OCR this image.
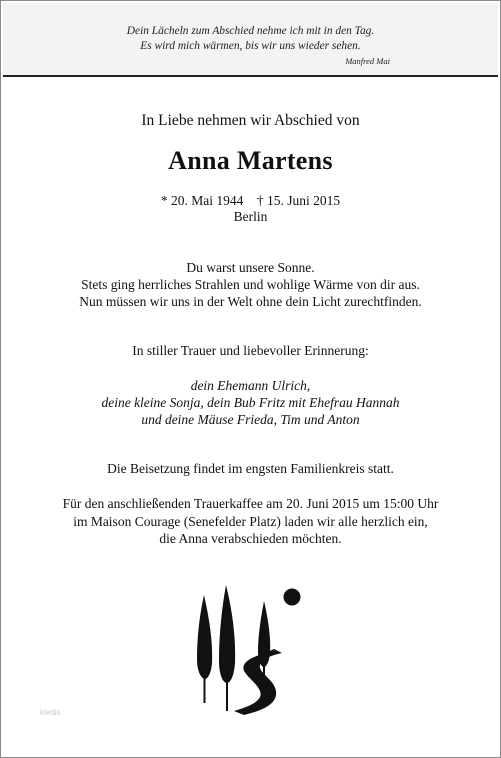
Dein Lächeln zum Abschied nehme ich mit in den Tag.
Es wird mich wärmen, bis wir uns wieder sehen.
Manfred Mai
In Liebe nehmen wir Abschied von
Anna Martens
* 20. Mai 1944    † 15. Juni 2015
Berlin
Du warst unsere Sonne.
Stets ging herrliches Strahlen und wohlige Wärme von dir aus.
Nun müssen wir uns in der Welt ohne dein Licht zurechtfinden.
In stiller Trauer und liebevoller Erinnerung:
dein Ehemann Ulrich,
deine kleine Sonja, dein Bub Fritz mit Ehefrau Hannah
und deine Mäuse Frieda, Tim und Anton
Die Beisetzung findet im engsten Familienkreis statt.
Für den anschließenden Trauerkaffee am 20. Juni 2015 um 15:00 Uhr
im Maison Courage (Senefelder Platz) laden wir alle herzlich ein,
die Anna verabschieden möchten.
kledis
